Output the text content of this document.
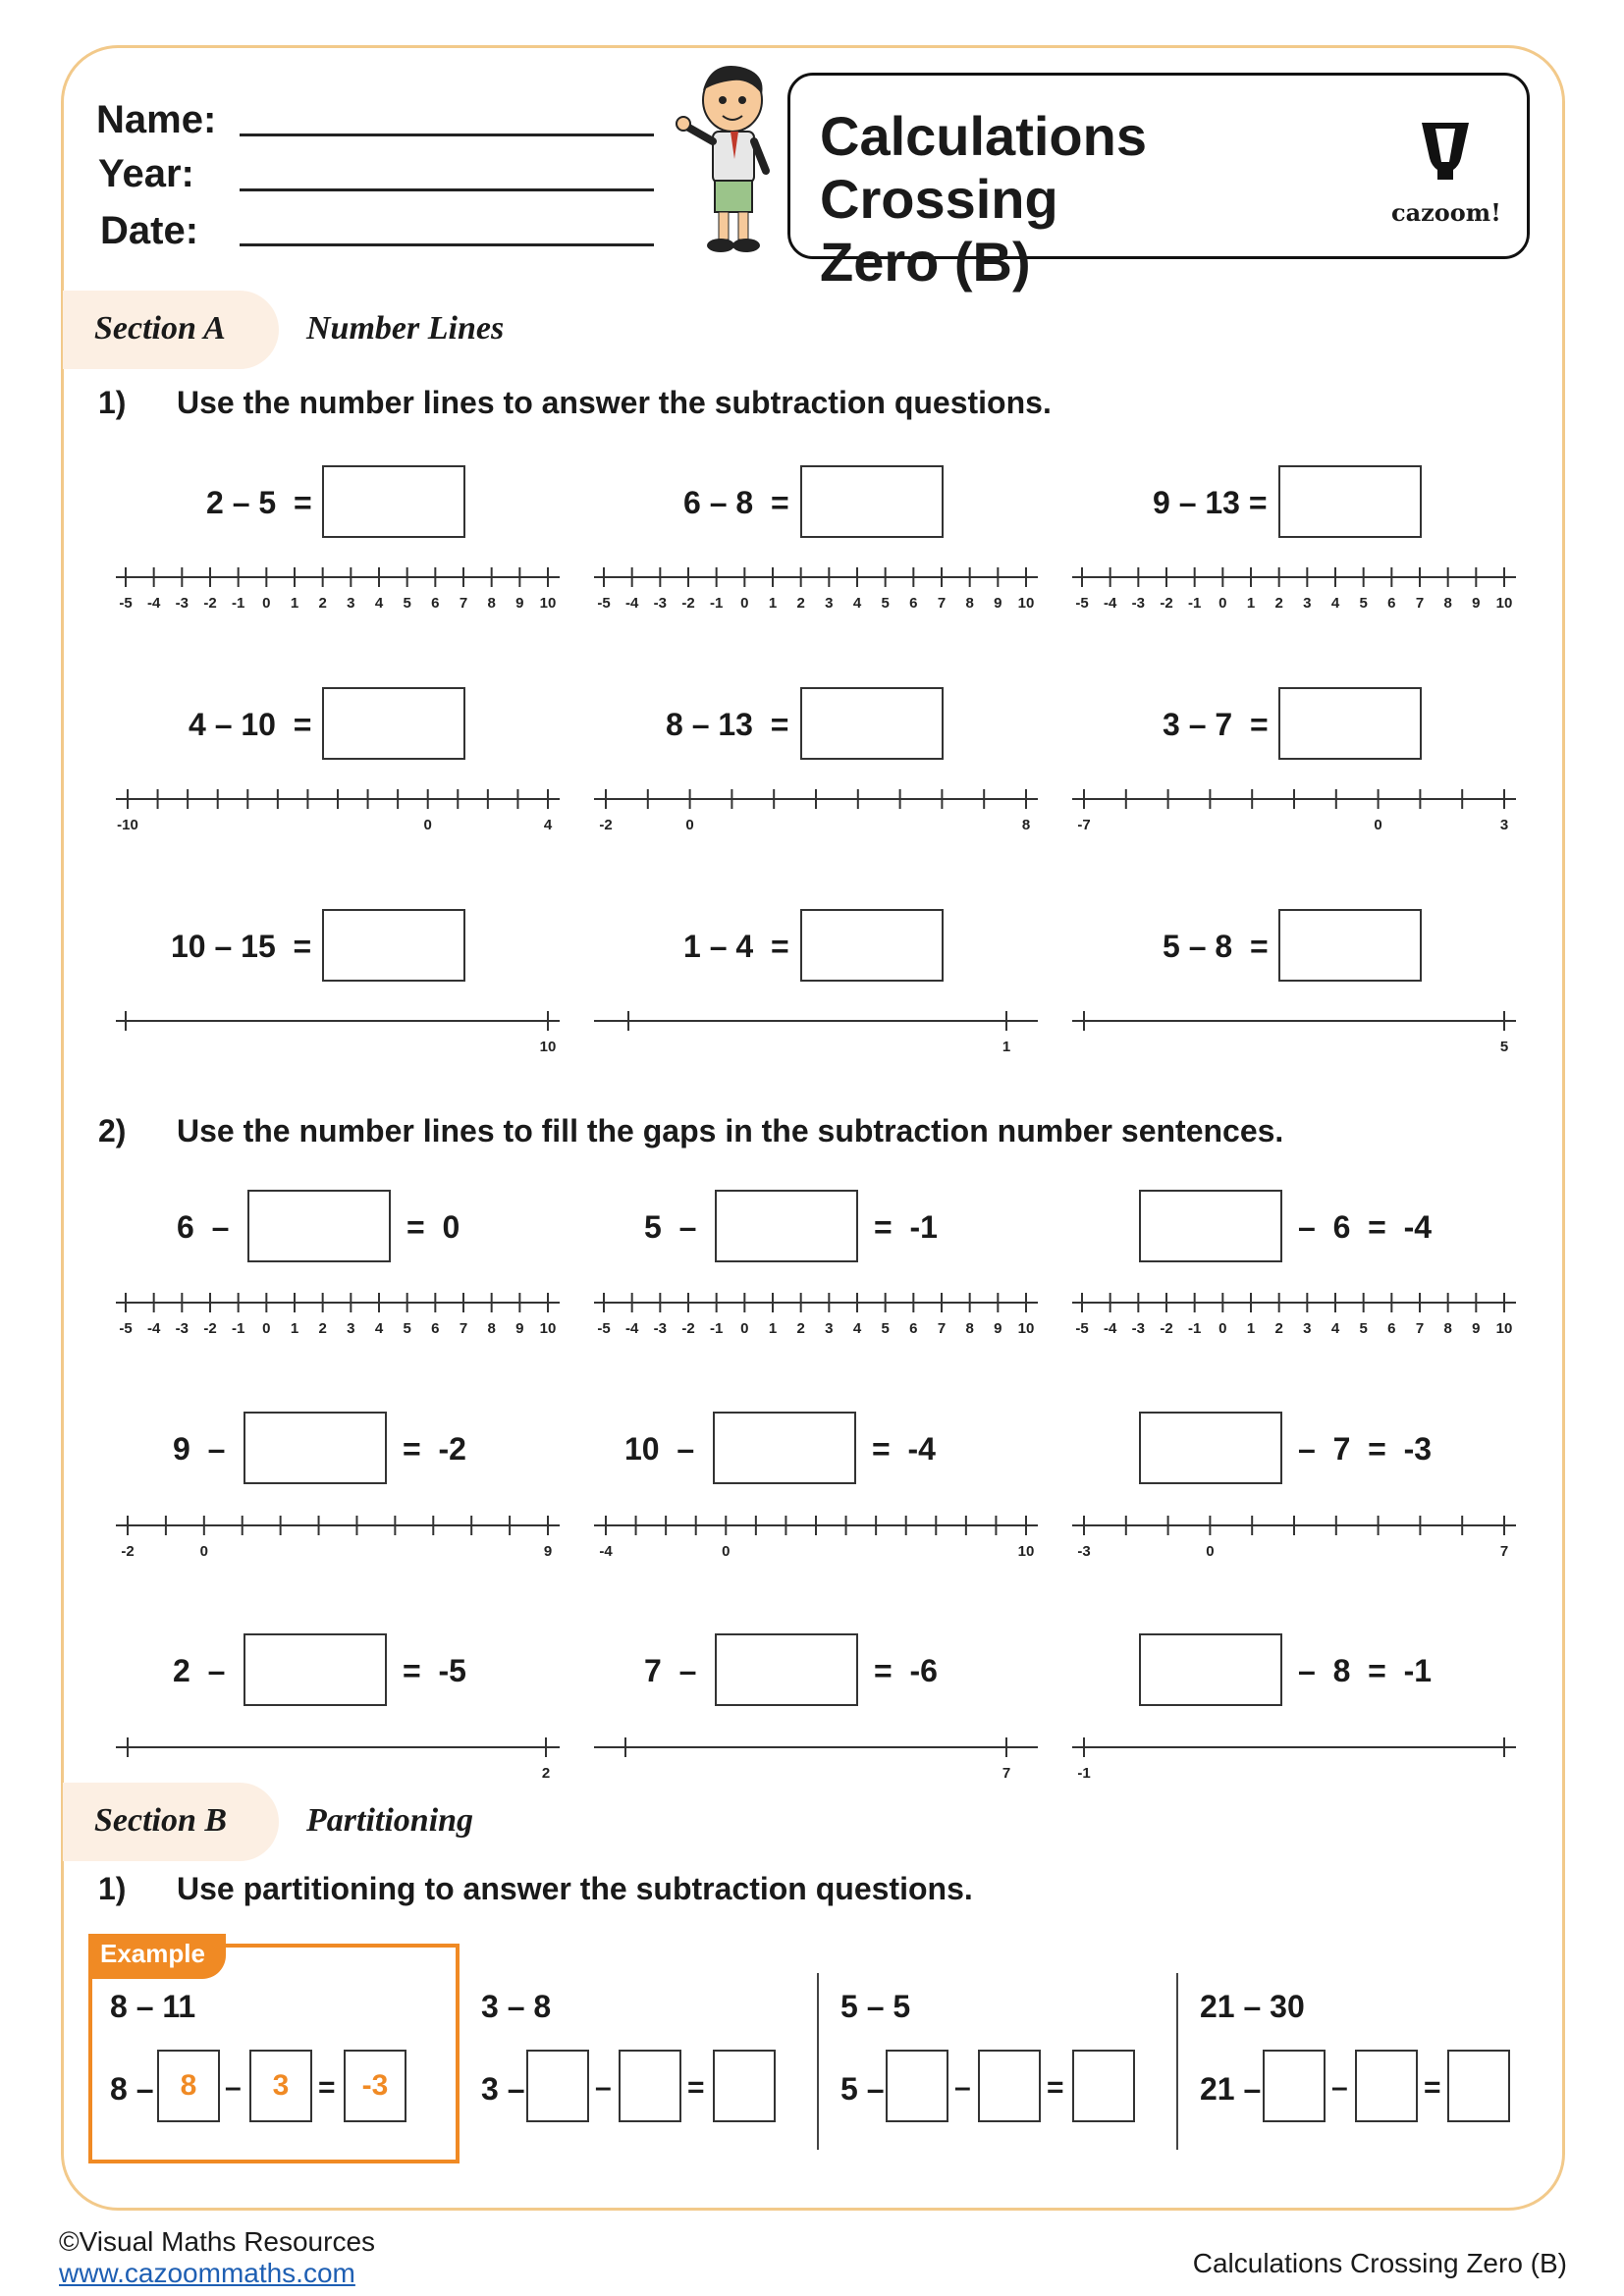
Name:
Year:
Date:
Calculations Crossing
Zero (B)
cazoom!
Section A Number Lines
1) Use the number lines to answer the subtraction questions.
2 – 5  =	6 – 8  =	9 – 13 =
-5 -4 -3 -2 -1 0 1 2 3 4 5 6 7 8 9 10	-5 -4 -3 -2 -1 0 1 2 3 4 5 6 7 8 9 10	-5 -4 -3 -2 -1 0 1 2 3 4 5 6 7 8 9 10
4 – 10  =	8 – 13  =	3 – 7  =
-10	0	4	-2	0	8	-7	0	3
10 – 15  =	1 – 4  =	5 – 8  =
10	1	5
2) Use the number lines to fill the gaps in the subtraction number sentences.
6  –	=  0	5  –	=  -1	–  6  =  -4
-5 -4 -3 -2 -1 0 1 2 3 4 5 6 7 8 9 10	-5 -4 -3 -2 -1 0 1 2 3 4 5 6 7 8 9 10	-5 -4 -3 -2 -1 0 1 2 3 4 5 6 7 8 9 10
9  –	=  -2	10  –	=  -4	–  7  =  -3
-2	0	9	-4	0	10	-3	0	7
2  –	=  -5	7  –	=  -6	–  8  =  -1
2	7	-1
Section B Partitioning
1) Use partitioning to answer the subtraction questions.
Example
8 – 11
8 – 8 –	3 = -3
3 – 8
3 – –	=
5 – 5
5 – –	=
21 – 30
21 – –	=
©Visual Maths Resources
www.cazoommaths.com	Calculations Crossing Zero (B)
